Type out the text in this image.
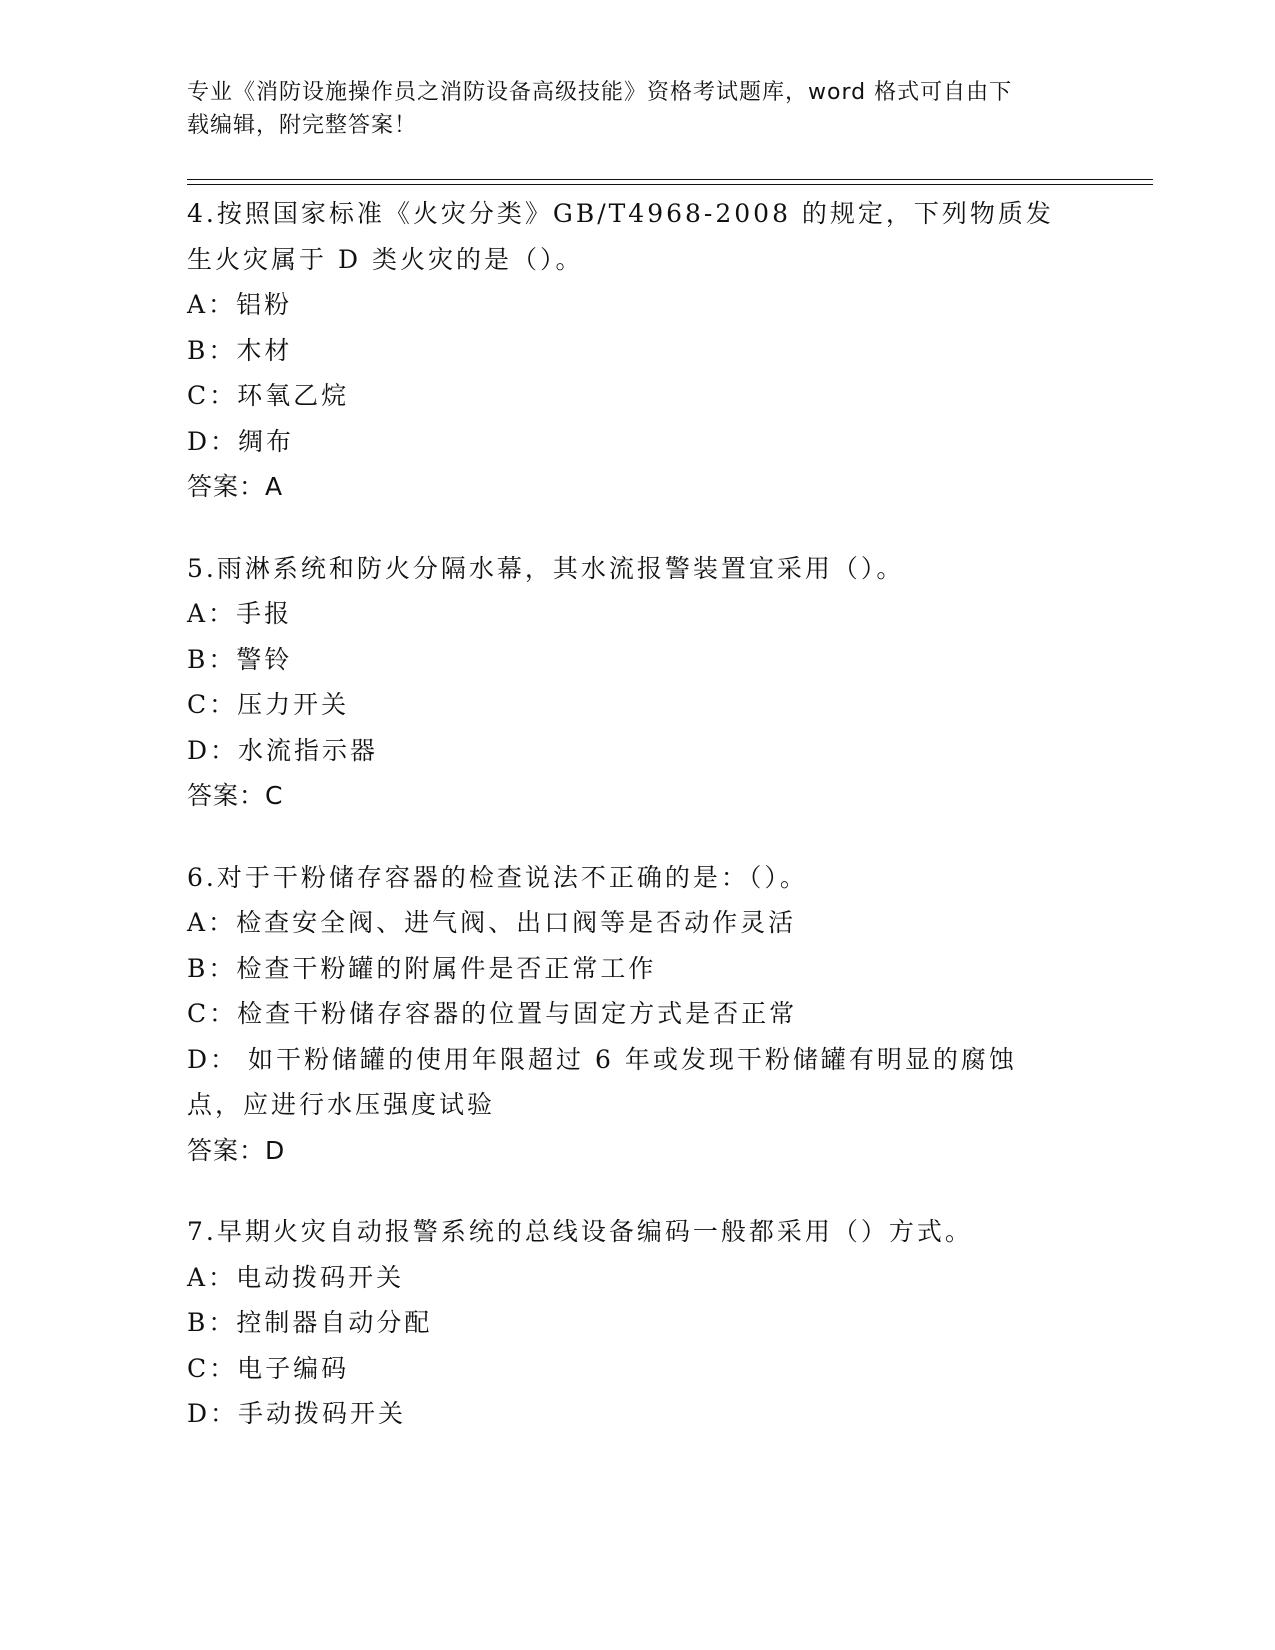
专业《消防设施操作员之消防设备高级技能》资格考试题库，word 格式可自由下
载编辑，附完整答案！
4.按照国家标准《火灾分类》GB/T4968-2008 的规定，下列物质发生火灾属于 D 类火灾的是（）。
A：铝粉
B：木材
C：环氧乙烷
D：绸布
答案：A
5.雨淋系统和防火分隔水幕，其水流报警装置宜采用（）。
A：手报
B：警铃
C：压力开关
D：水流指示器
答案：C
6.对于干粉储存容器的检查说法不正确的是：（）。
A：检查安全阀、进气阀、出口阀等是否动作灵活
B：检查干粉罐的附属件是否正常工作
C：检查干粉储存容器的位置与固定方式是否正常
D： 如干粉储罐的使用年限超过 6 年或发现干粉储罐有明显的腐蚀点，应进行水压强度试验
答案：D
7.早期火灾自动报警系统的总线设备编码一般都采用（）方式。
A：电动拨码开关
B：控制器自动分配
C：电子编码
D：手动拨码开关
